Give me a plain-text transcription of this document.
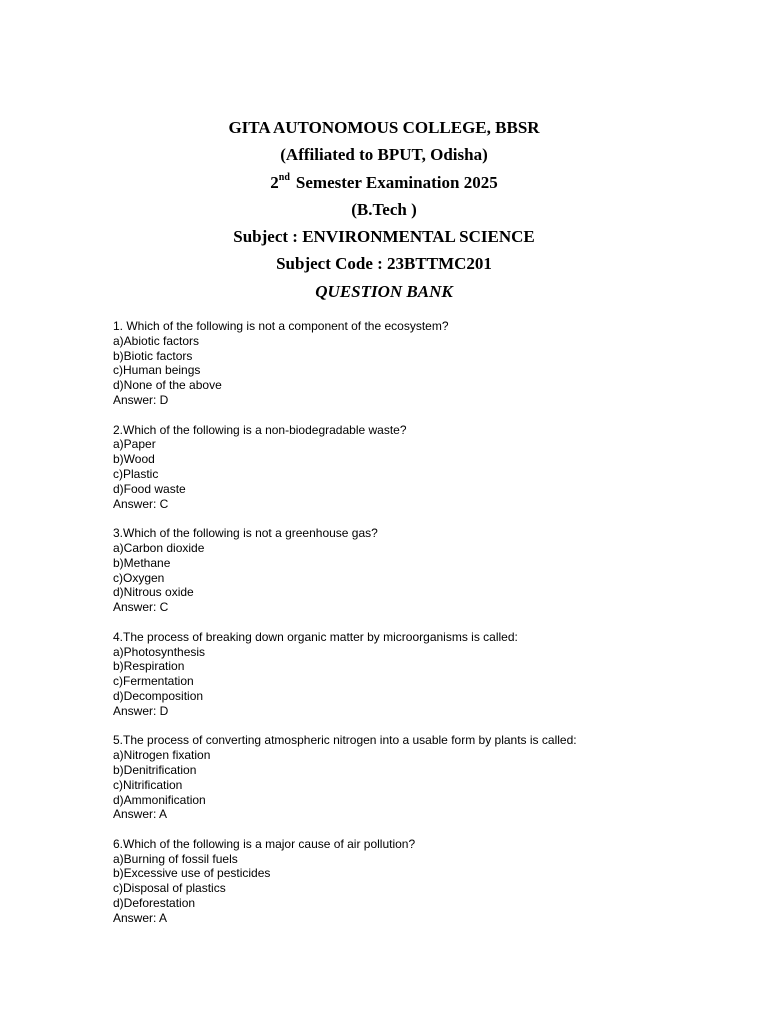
GITA AUTONOMOUS COLLEGE, BBSR
(Affiliated to BPUT, Odisha)
2nd Semester Examination 2025
(B.Tech )
Subject : ENVIRONMENTAL SCIENCE
Subject Code : 23BTTMC201
QUESTION BANK
1. Which of the following is not a component of the ecosystem?
a)Abiotic factors
b)Biotic factors
c)Human beings
d)None of the above
Answer: D
2.Which of the following is a non-biodegradable waste?
a)Paper
b)Wood
c)Plastic
d)Food waste
Answer: C
3.Which of the following is not a greenhouse gas?
a)Carbon dioxide
b)Methane
c)Oxygen
d)Nitrous oxide
Answer: C
4.The process of breaking down organic matter by microorganisms is called:
a)Photosynthesis
b)Respiration
c)Fermentation
d)Decomposition
Answer: D
5.The process of converting atmospheric nitrogen into a usable form by plants is called:
a)Nitrogen fixation
b)Denitrification
c)Nitrification
d)Ammonification
Answer: A
6.Which of the following is a major cause of air pollution?
a)Burning of fossil fuels
b)Excessive use of pesticides
c)Disposal of plastics
d)Deforestation
Answer: A
